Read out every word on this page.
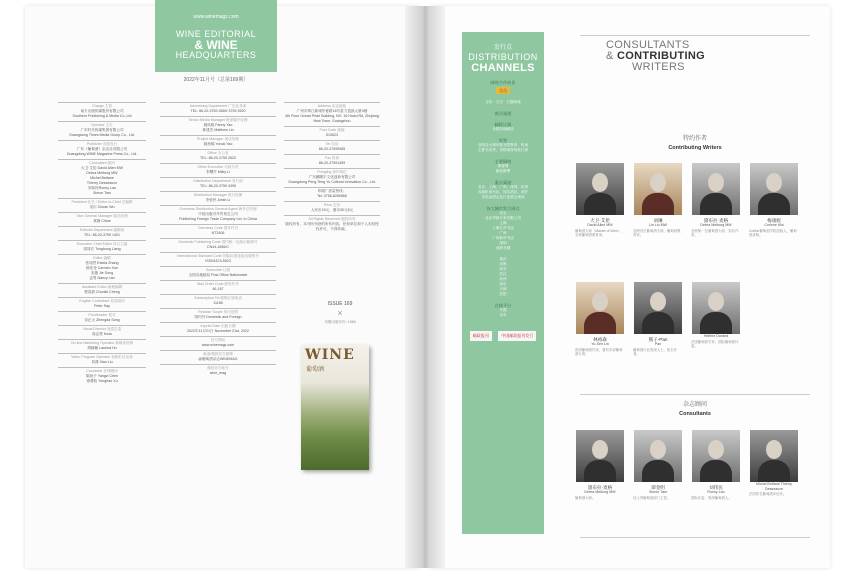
www.winemagz.com
WINE EDITORIAL
& WINE
HEADQUARTERS
2022年11月号（总第169期）
Charge 主管
南方出版传媒股份有限公司
Southern Publishing & Media Co.,Ltd
Sponsor 主办
广东时代传媒集团有限公司
Guangdong Times Media Group Co., Ltd.
Publisher 出版发行
广东《葡萄酒》杂志社有限公司
Guangdong WINE Magazine Press Co., Ltd.
Consultant 顾问
大卫·艾伦 David Allen MW
Debra Meiburg MW
Michel Bettane
Thierry Desseauve
刘伟民Ronny Lau
Simon Tam
President 社长 / Editor-in-Chief 总编辑
吴川 Chuan Wu
Vice General Manager 副总经理
黄静 Chloe
Editorial Department 编辑部
TEL: 86-20-3759 1401
Executive Chief Editor 执行主编
梁同宏 Tonghong Liang
Editor 编辑
张翊然 Estela Zhang
薛佳莹 Carmen Xue
宋婕 Jie Song
孟男 Nancy Lan
Assistant Editor 助理编辑
程春晨 Chunlei Cheng
English Consultant 英语顾问
Peter Say
Proofreader 校对
宋正太 Zhengda Song
Visual Director 视觉总监
周志贤 Kook
On-line Marketing Operator 新媒体营销
胡楠楠 Laurina Hu
Video Program Operator 视频栏目运营
刘潇 Xiao Liu
Counselor 法律顾问
陈扬子 Yangzi Chen
徐勇航 Yonghao Xu
Advertising Department 广告业务部
TEL: 86-20-3759 2669/ 3759 2620
Senior Media Manager 资深媒介经理
姚凤桃 Fanny Yao
林建杰 Matthew Lin
Project Manager 项目经理
姚鱼稀 Yonok Yao
Office 办公室
TEL: 86-20-3759 2620
Office Executive 行政专员
李樱芹 Miley Li
Distribution Department 发行部
TEL: 86-20-3759 4395
Distribution Manager 发行经理
李爱民 Aimin Li
Overseas Distribution General Agent 海外总代理
中国出版对外贸易总公司
Publishing Foreign Trade Company Ltd. In China
Overseas Code 国外代号
NT2406
Domestic Publishing Code 国内统一连续出版物号
CN44-1656/C
International Standard Code 国际标准连续出版物号
ISSN1674-5523
Subscribe 订阅
全国各地邮局 Post Office Nationwide
Mail Order Code 邮发代号
46-167
Subscription Tel 邮购订阅电话
11185
Release Scope 发行范围
国内外 Domestic and Foreign
Imprint Date 出版日期
2022年11月21日 November 21st, 2022
官方网站
www.winemagz.com
新浪/搜狐官方微博
@葡萄酒杂志WINEMAG
微信官方帐号
wine_mag
Address 杂志地址
广州市珠江新城华夏路16号富力盈凯大厦4楼
4th Floor Ocean Pearl Building, NO. 16 Huaxi Rd, Zhujiang New Town, Guangzhou
Post Code 邮编
510623
Tel 电话
86-20-37595085
Fax 传真
86-20-37591459
Pringting 承印单位
广东鹏腾宇文化创新有限公司
Guangdong Peng Teng Yu Cultural Innovation Co., Ltd.
印刷厂质量热线：
Tel: 0756-8280866
Price 定价
人民币15元，港币30元5元
All Rights Reserved 版权所有
版权所有，本刊所刊登的所有内容，任何单位和个人未经授权许可，不得转载。
ISSUE 169
×
刊期出版年份: 1984
WINE
葡萄酒
发行点
DISTRIBUTION
CHANNELS
网络合作伙伴
当当
京东 · 当当 · 天猫商城
购买渠道
邮政订阅
全国各地邮局
零售
全国各大城市报刊零售亭、机场
主要书店等，详情请咨询发行部
主要网络
博客网
新浪微博
重点渠道
北京、上海、广州、深圳、杭州
各地机场书店、知名酒店、酒庄
各类品酒会及行业展会现场
各大城市发行网点
北京
北京华润万家有限公司
上海
上海九华书店
广州
广州新华书店
深圳
深圳书城
重庆
成都
西安
武汉
杭州
南京
天津
沈阳
在线平台
天猫
京东
邮政报刊	中国邮政报刊发行
CONSULTANTS
& CONTRIBUTING
WRITERS
特约作者
Contributing Writers
杂志顾问
Consultants
大卫·艾伦
David Allen MW
葡萄酒大师（Master of Wine），全球葡萄酒教育家。
刘琳
Lin Liu MW
亚洲首位葡萄酒大师，葡萄酒教育家。
黛布拉·麦格
Debra Meiburg MW
亚洲第一位葡萄酒大师，知名作家。
梅康妮
Corinne Mui
Colline葡萄酒学院创始人，葡萄酒讲师。
林裕森
Yu-Sen Lin
资深葡萄酒作家，著有多部葡萄酒专著。
熊子-Pan
Pan
葡萄酒行业资深人士，知名作者。
Hélène Durand
法国葡萄酒专家，国际葡萄酒评委。
黛布拉·麦格
Debra Meiburg MW
葡萄酒大师。
谭金明
Simon Tam
佳士得葡萄酒部门主管。
刘伟民
Ronny Lau
国际评委，资深葡萄酒人。
Michel Bettane Thierry Desseauve
法国知名葡萄酒评论家。
